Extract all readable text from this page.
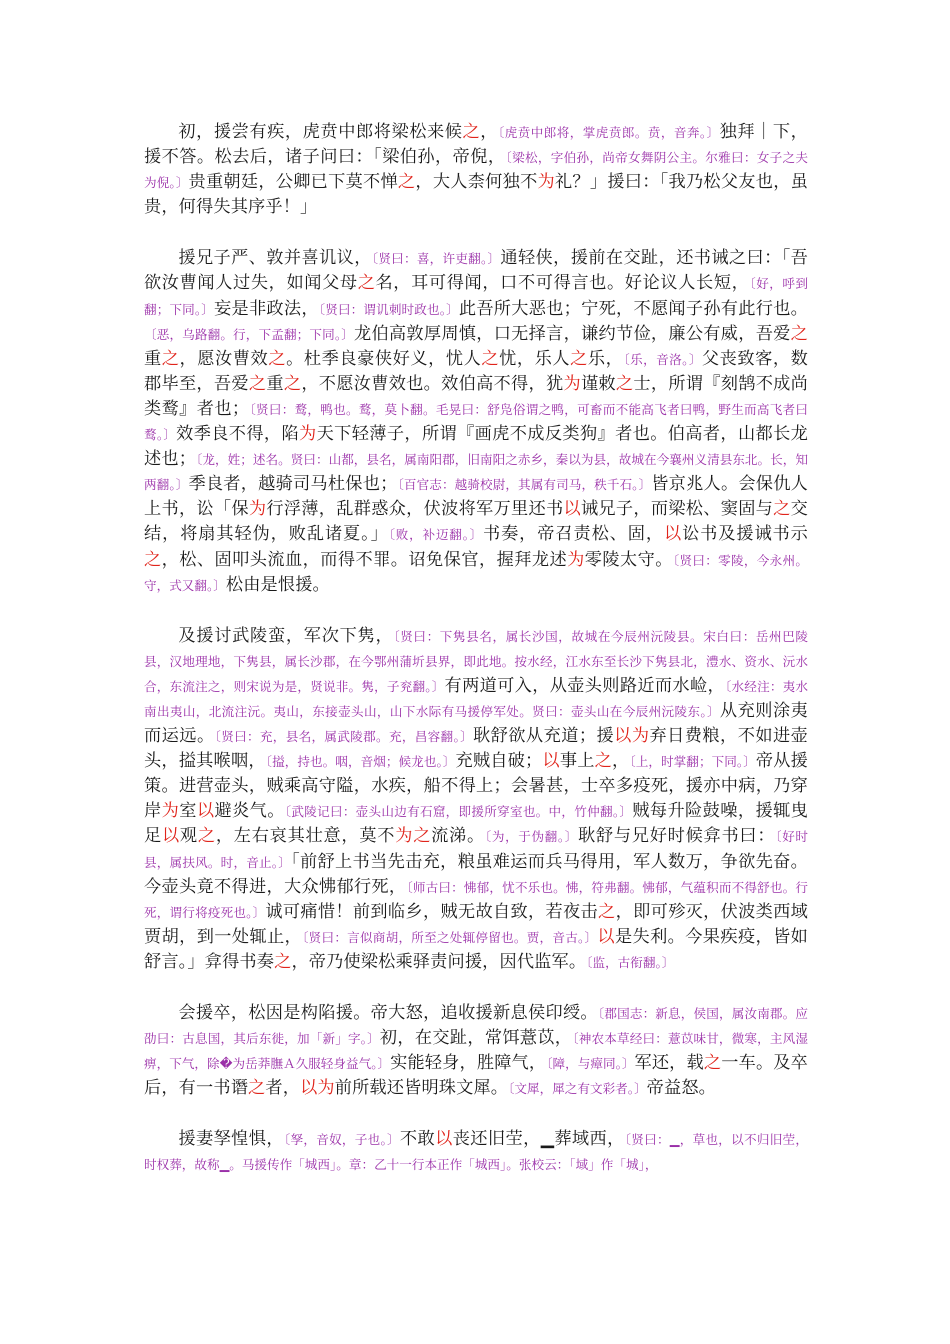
初，援尝有疾，虎贲中郎将梁松来候之，〔虎贲中郎将，掌虎贲郎。贲，音奔。〕独拜｜下，援不答。松去后，诸子问曰：「梁伯孙，帝倪，〔梁松，字伯孙，尚帝女舞阴公主。尔雅曰：女子之夫为倪。〕贵重朝廷，公卿已下莫不惮之，大人柰何独不为礼？」援曰：「我乃松父友也，虽贵，何得失其序乎！」

援兄子严、敦并喜讥议，〔贤曰：喜，许吏翻。〕通轻侠，援前在交趾，还书诫之曰：「吾欲汝曹闻人过失，如闻父母之名，耳可得闻，口不可得言也。好论议人长短，〔好，呼到翻；下同。〕妄是非政法，〔贤曰：谓讥刺时政也。〕此吾所大恶也；宁死，不愿闻子孙有此行也。〔恶，乌路翻。行，下孟翻；下同。〕龙伯高敦厚周慎，口无择言，谦约节俭，廉公有威，吾爱之重之，愿汝曹效之。杜季良豪侠好义，忧人之忧，乐人之乐，〔乐，音洛。〕父丧致客，数郡毕至，吾爱之重之，不愿汝曹效也。效伯高不得，犹为谨敕之士，所谓『刻鹄不成尚类鹜』者也；〔贤曰：鹜，鸭也。鹜，莫卜翻。毛晃曰：舒凫俗谓之鸭，可畜而不能高飞者曰鸭，野生而高飞者曰鹜。〕效季良不得，陷为天下轻薄子，所谓『画虎不成反类狗』者也。伯高者，山都长龙述也；〔龙，姓；述名。贤曰：山都，县名，属南阳郡，旧南阳之赤乡，秦以为县，故城在今襄州义清县东北。长，知两翻。〕季良者，越骑司马杜保也；〔百官志：越骑校尉，其属有司马，秩千石。〕皆京兆人。会保仇人上书，讼「保为行浮薄，乱群惑众，伏波将军万里还书以诫兄子，而梁松、窦固与之交结，将扇其轻伪，败乱诸夏。」〔败，补迈翻。〕书奏，帝召责松、固，以讼书及援诫书示之，松、固叩头流血，而得不罪。诏免保官，握拜龙述为零陵太守。〔贤曰：零陵，今永州。守，式又翻。〕松由是恨援。

及援讨武陵蛮，军次下隽，〔贤曰：下隽县名，属长沙国，故城在今辰州沅陵县。宋白曰：岳州巴陵县，汉地理地，下隽县，属长沙郡，在今鄂州蒲圻县界，即此地。按水经，江水东至长沙下隽县北，澧水、资水、沅水合，东流注之，则宋说为是，贤说非。隽，子兖翻。〕有两道可入，从壶头则路近而水崄，〔水经注：夷水南出夷山，北流注沅。夷山，东接壶头山，山下水际有马援停军处。贤曰：壶头山在今辰州沅陵东。〕从充则涂夷而运远。〔贤曰：充，县名，属武陵郡。充，昌容翻。〕耿舒欲从充道；援以为弃日费粮，不如进壶头，搤其喉咽，〔搤，持也。咽，音烟；候龙也。〕充贼自破；以事上之，〔上，时掌翻；下同。〕帝从援策。进营壶头，贼乘高守隘，水疾，船不得上；会暑甚，士卒多疫死，援亦中病，乃穿岸为室以避炎气。〔武陵记曰：壶头山边有石窟，即援所穿室也。中，竹仲翻。〕贼每升险鼓噪，援辄曳足以观之，左右哀其壮意，莫不为之流涕。〔为，于伪翻。〕耿舒与兄好时候弇书曰：〔好时县，属扶风。时，音止。〕「前舒上书当先击充，粮虽难运而兵马得用，军人数万，争欲先奋。今壶头竟不得进，大众怫郁行死，〔师古曰：怫郁，忧不乐也。怫，符弗翻。怫郁，气蕴积而不得舒也。行死，谓行将疫死也。〕诚可痛惜！前到临乡，贼无故自致，若夜击之，即可殄灭，伏波类西域贾胡，到一处辄止，〔贤曰：言似商胡，所至之处辄停留也。贾，音古。〕以是失利。今果疾疫，皆如舒言。」弇得书奏之，帝乃使梁松乘驿责问援，因代监军。〔监，古衔翻。〕

会援卒，松因是构陷援。帝大怒，追收援新息侯印绶。〔郡国志：新息，侯国，属汝南郡。应劭曰：古息国，其后东徙，加「新」字。〕初，在交趾，常饵薏苡，〔神农本草经曰：薏苡味甘，微寒，主风湿痹，下气，除�为岳莽膴Ａ久服轻身益气。〕实能轻身，胜障气，〔障，与瘴同。〕军还，载之一车。及卒后，有一书谮之者，以为前所载还皆明珠文犀。〔文犀，犀之有文彩者。〕帝益怒。

援妻孥惶惧，〔孥，音奴，子也。〕不敢以丧还旧茔，▁葬域西，〔贤曰：▁，草也，以不归旧茔，时权葬，故称▁。马援传作「城西」。章：乙十一行本正作「城西」。张校云：「域」作「城」，
